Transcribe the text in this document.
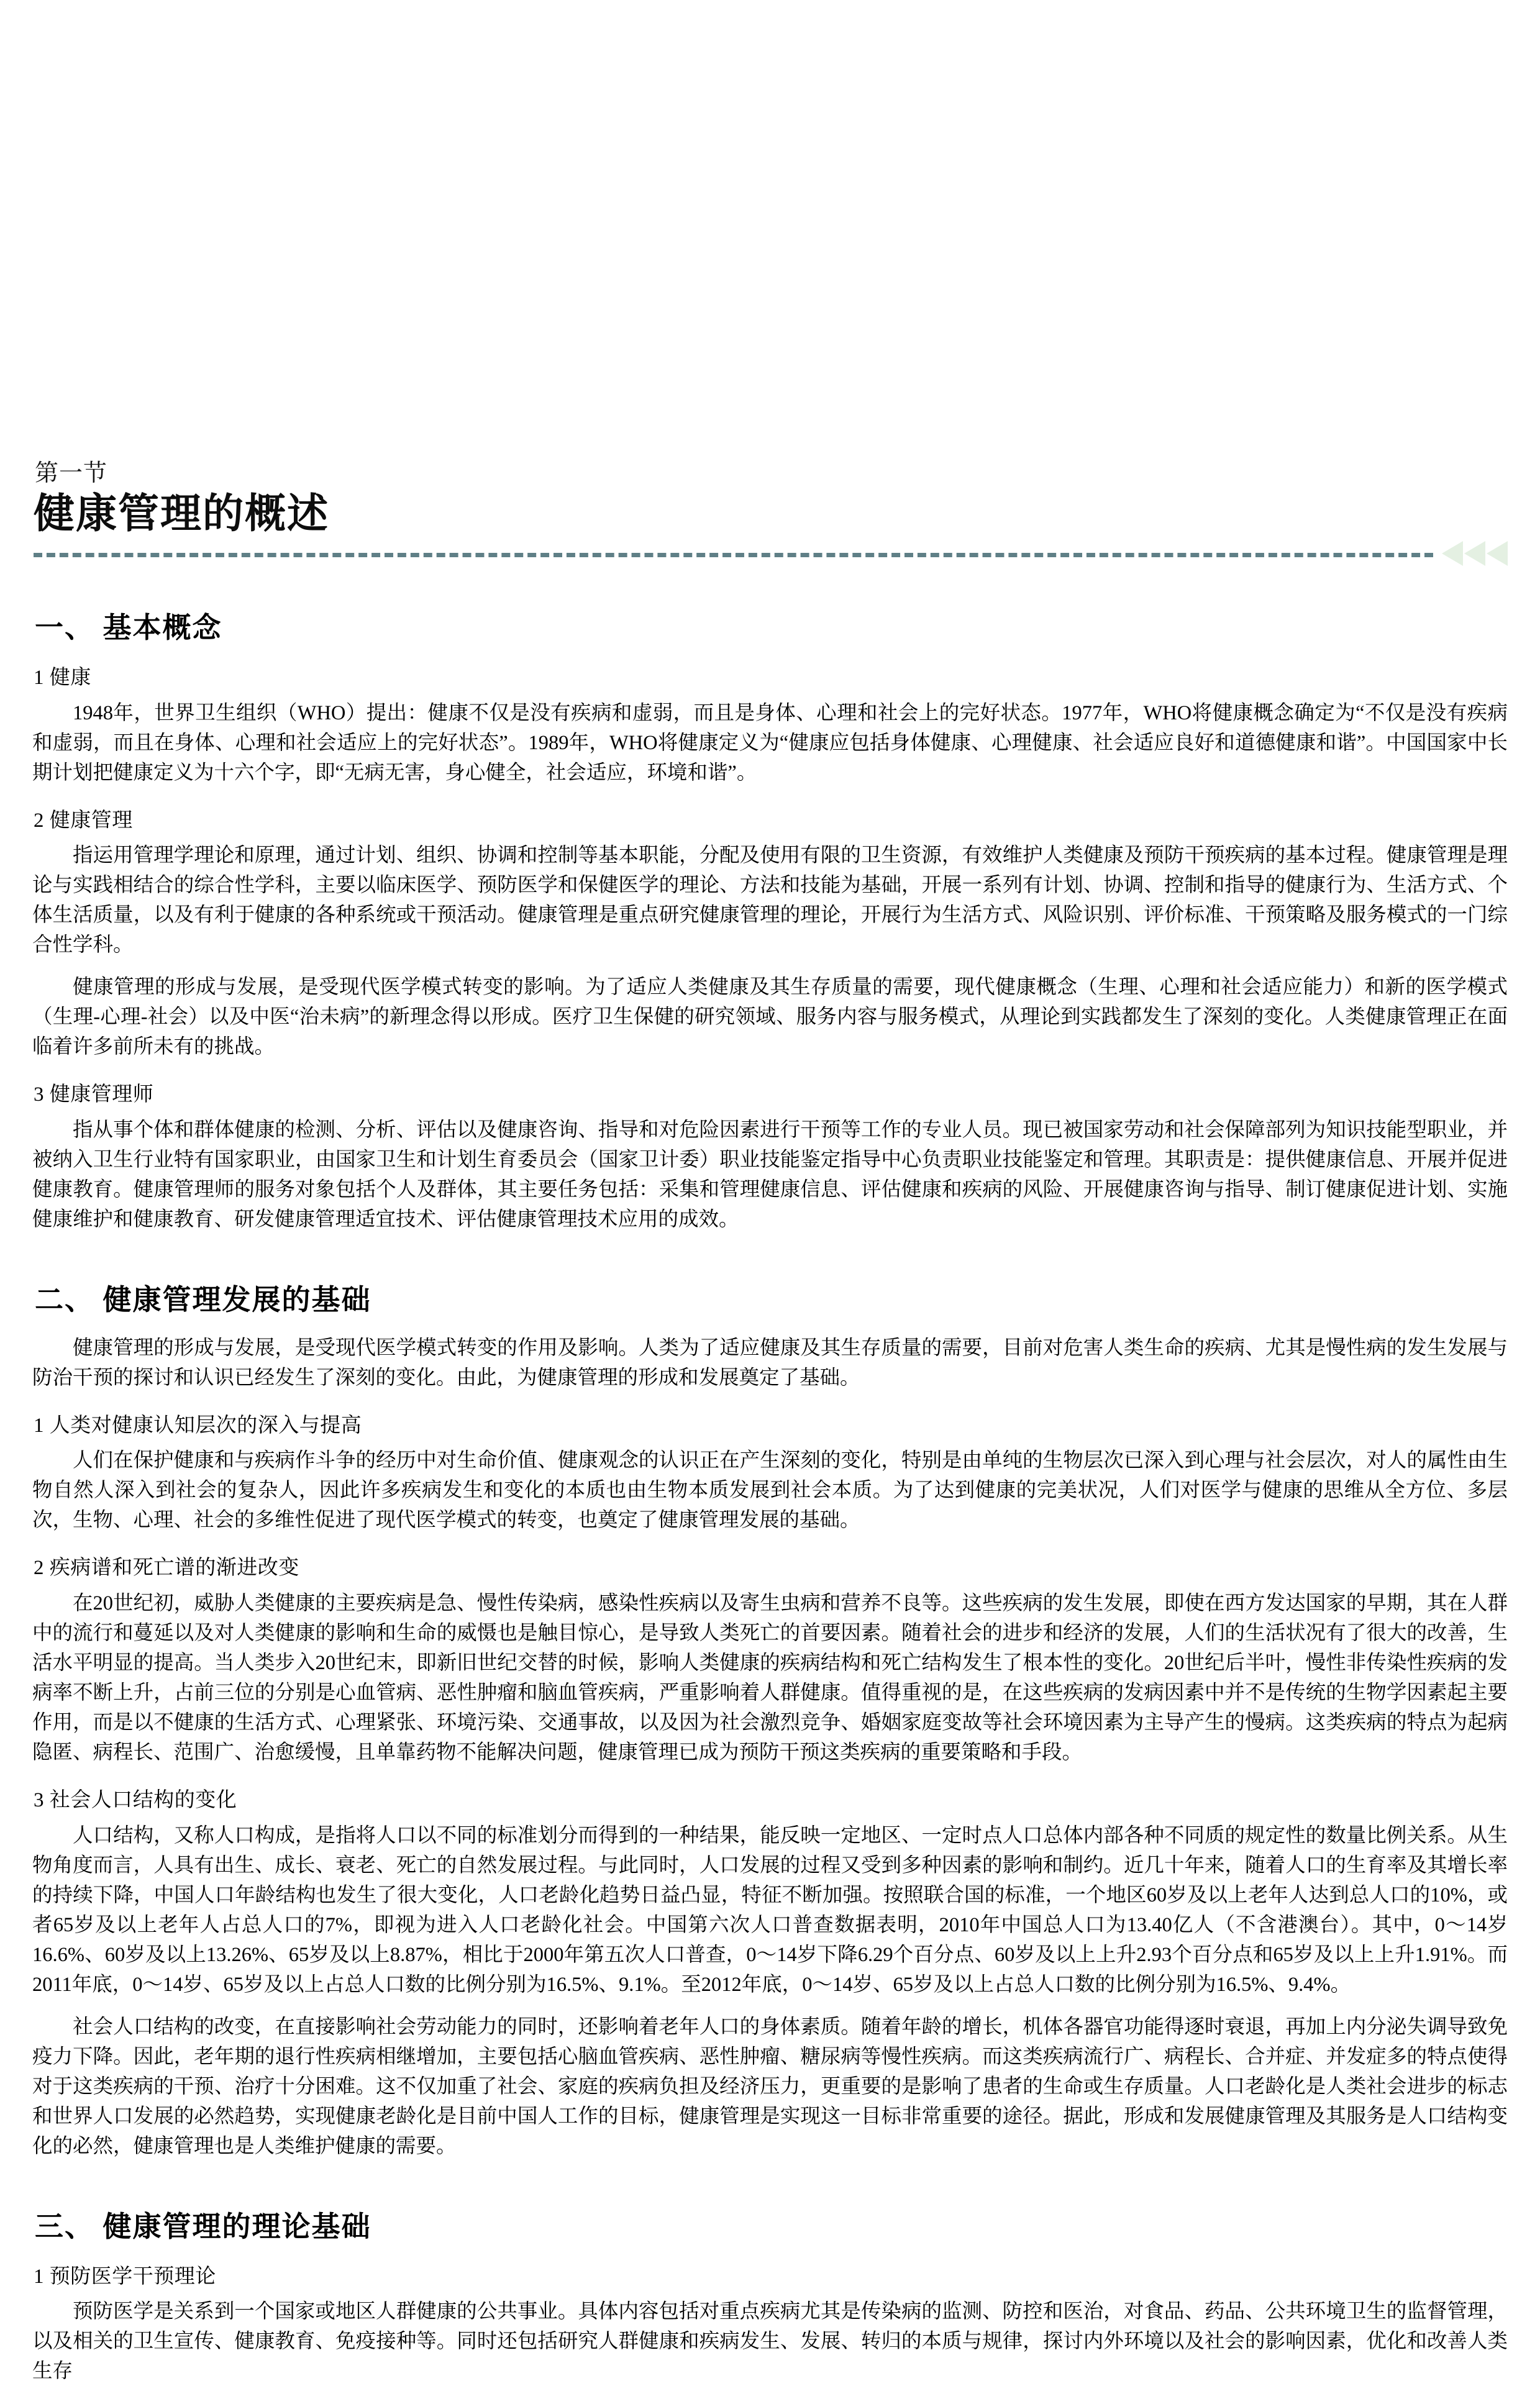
第一节
健康管理的概述
一、 基本概念
1 健康

1948年，世界卫生组织（WHO）提出：健康不仅是没有疾病和虚弱，而且是身体、心理和社会上的完好状态。1977年，WHO将健康概念确定为“不仅是没有疾病和虚弱，而且在身体、心理和社会适应上的完好状态”。1989年，WHO将健康定义为“健康应包括身体健康、心理健康、社会适应良好和道德健康和谐”。中国国家中长期计划把健康定义为十六个字，即“无病无害，身心健全，社会适应，环境和谐”。

2 健康管理

指运用管理学理论和原理，通过计划、组织、协调和控制等基本职能，分配及使用有限的卫生资源，有效维护人类健康及预防干预疾病的基本过程。健康管理是理论与实践相结合的综合性学科，主要以临床医学、预防医学和保健医学的理论、方法和技能为基础，开展一系列有计划、协调、控制和指导的健康行为、生活方式、个体生活质量，以及有利于健康的各种系统或干预活动。健康管理是重点研究健康管理的理论，开展行为生活方式、风险识别、评价标准、干预策略及服务模式的一门综合性学科。

健康管理的形成与发展，是受现代医学模式转变的影响。为了适应人类健康及其生存质量的需要，现代健康概念（生理、心理和社会适应能力）和新的医学模式（生理-心理-社会）以及中医“治未病”的新理念得以形成。医疗卫生保健的研究领域、服务内容与服务模式，从理论到实践都发生了深刻的变化。人类健康管理正在面临着许多前所未有的挑战。

3 健康管理师

指从事个体和群体健康的检测、分析、评估以及健康咨询、指导和对危险因素进行干预等工作的专业人员。现已被国家劳动和社会保障部列为知识技能型职业，并被纳入卫生行业特有国家职业，由国家卫生和计划生育委员会（国家卫计委）职业技能鉴定指导中心负责职业技能鉴定和管理。其职责是：提供健康信息、开展并促进健康教育。健康管理师的服务对象包括个人及群体，其主要任务包括：采集和管理健康信息、评估健康和疾病的风险、开展健康咨询与指导、制订健康促进计划、实施健康维护和健康教育、研发健康管理适宜技术、评估健康管理技术应用的成效。

二、 健康管理发展的基础

健康管理的形成与发展，是受现代医学模式转变的作用及影响。人类为了适应健康及其生存质量的需要，目前对危害人类生命的疾病、尤其是慢性病的发生发展与防治干预的探讨和认识已经发生了深刻的变化。由此，为健康管理的形成和发展奠定了基础。

1 人类对健康认知层次的深入与提高

人们在保护健康和与疾病作斗争的经历中对生命价值、健康观念的认识正在产生深刻的变化，特别是由单纯的生物层次已深入到心理与社会层次，对人的属性由生物自然人深入到社会的复杂人，因此许多疾病发生和变化的本质也由生物本质发展到社会本质。为了达到健康的完美状况，人们对医学与健康的思维从全方位、多层次，生物、心理、社会的多维性促进了现代医学模式的转变，也奠定了健康管理发展的基础。

2 疾病谱和死亡谱的渐进改变

在20世纪初，威胁人类健康的主要疾病是急、慢性传染病，感染性疾病以及寄生虫病和营养不良等。这些疾病的发生发展，即使在西方发达国家的早期，其在人群中的流行和蔓延以及对人类健康的影响和生命的威慑也是触目惊心，是导致人类死亡的首要因素。随着社会的进步和经济的发展，人们的生活状况有了很大的改善，生活水平明显的提高。当人类步入20世纪末，即新旧世纪交替的时候，影响人类健康的疾病结构和死亡结构发生了根本性的变化。20世纪后半叶，慢性非传染性疾病的发病率不断上升，占前三位的分别是心血管病、恶性肿瘤和脑血管疾病，严重影响着人群健康。值得重视的是，在这些疾病的发病因素中并不是传统的生物学因素起主要作用，而是以不健康的生活方式、心理紧张、环境污染、交通事故，以及因为社会激烈竞争、婚姻家庭变故等社会环境因素为主导产生的慢病。这类疾病的特点为起病隐匿、病程长、范围广、治愈缓慢，且单靠药物不能解决问题，健康管理已成为预防干预这类疾病的重要策略和手段。

3 社会人口结构的变化

人口结构，又称人口构成，是指将人口以不同的标准划分而得到的一种结果，能反映一定地区、一定时点人口总体内部各种不同质的规定性的数量比例关系。从生物角度而言，人具有出生、成长、衰老、死亡的自然发展过程。与此同时，人口发展的过程又受到多种因素的影响和制约。近几十年来，随着人口的生育率及其增长率的持续下降，中国人口年龄结构也发生了很大变化，人口老龄化趋势日益凸显，特征不断加强。按照联合国的标准，一个地区60岁及以上老年人达到总人口的10%，或者65岁及以上老年人占总人口的7%，即视为进入人口老龄化社会。中国第六次人口普查数据表明，2010年中国总人口为13.40亿人（不含港澳台）。其中，0～14岁16.6%、60岁及以上13.26%、65岁及以上8.87%，相比于2000年第五次人口普查，0～14岁下降6.29个百分点、60岁及以上上升2.93个百分点和65岁及以上上升1.91%。而2011年底，0～14岁、65岁及以上占总人口数的比例分别为16.5%、9.1%。至2012年底，0～14岁、65岁及以上占总人口数的比例分别为16.5%、9.4%。

社会人口结构的改变，在直接影响社会劳动能力的同时，还影响着老年人口的身体素质。随着年龄的增长，机体各器官功能得逐时衰退，再加上内分泌失调导致免疫力下降。因此，老年期的退行性疾病相继增加，主要包括心脑血管疾病、恶性肿瘤、糖尿病等慢性疾病。而这类疾病流行广、病程长、合并症、并发症多的特点使得对于这类疾病的干预、治疗十分困难。这不仅加重了社会、家庭的疾病负担及经济压力，更重要的是影响了患者的生命或生存质量。人口老龄化是人类社会进步的标志和世界人口发展的必然趋势，实现健康老龄化是目前中国人工作的目标，健康管理是实现这一目标非常重要的途径。据此，形成和发展健康管理及其服务是人口结构变化的必然，健康管理也是人类维护健康的需要。

三、 健康管理的理论基础
1 预防医学干预理论

预防医学是关系到一个国家或地区人群健康的公共事业。具体内容包括对重点疾病尤其是传染病的监测、防控和医治，对食品、药品、公共环境卫生的监督管理，以及相关的卫生宣传、健康教育、免疫接种等。同时还包括研究人群健康和疾病发生、发展、转归的本质与规律，探讨内外环境以及社会的影响因素，优化和改善人类生存
